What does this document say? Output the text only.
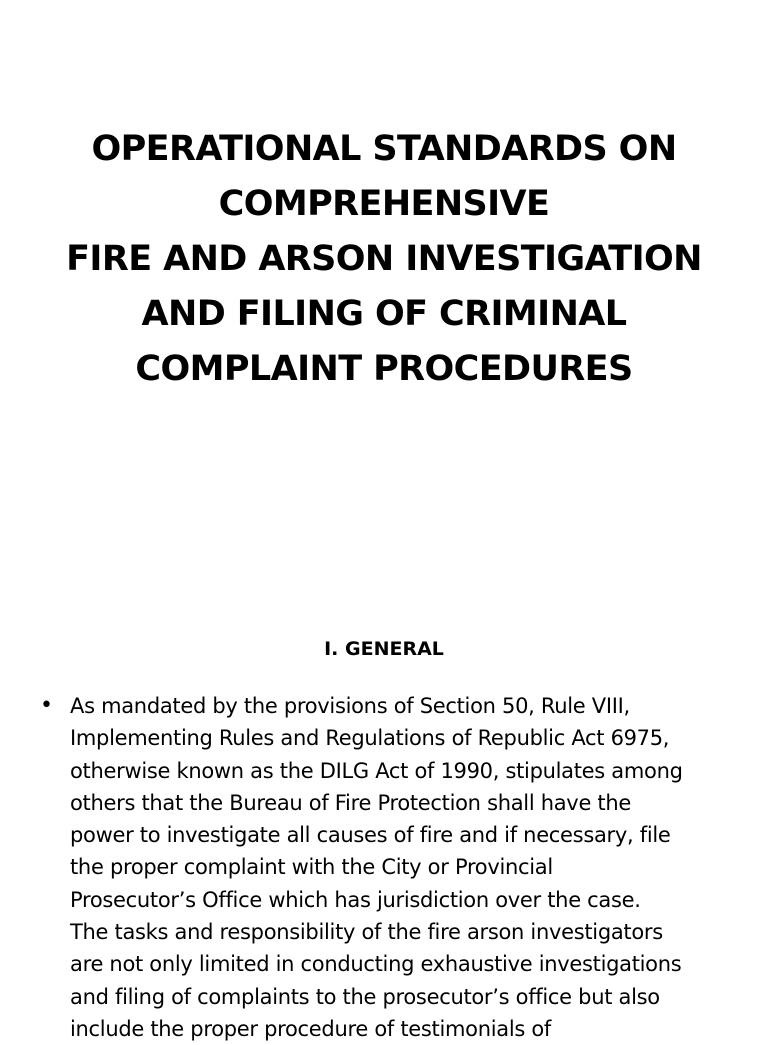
OPERATIONAL STANDARDS ON
COMPREHENSIVE
FIRE AND ARSON INVESTIGATION
AND FILING OF CRIMINAL
COMPLAINT PROCEDURES
I. GENERAL
• As mandated by the provisions of Section 50, Rule VIII,
Implementing Rules and Regulations of Republic Act 6975,
otherwise known as the DILG Act of 1990, stipulates among
others that the Bureau of Fire Protection shall have the
power to investigate all causes of fire and if necessary, file
the proper complaint with the City or Provincial
Prosecutor’s Office which has jurisdiction over the case.
The tasks and responsibility of the fire arson investigators
are not only limited in conducting exhaustive investigations
and filing of complaints to the prosecutor’s office but also
include the proper procedure of testimonials of
